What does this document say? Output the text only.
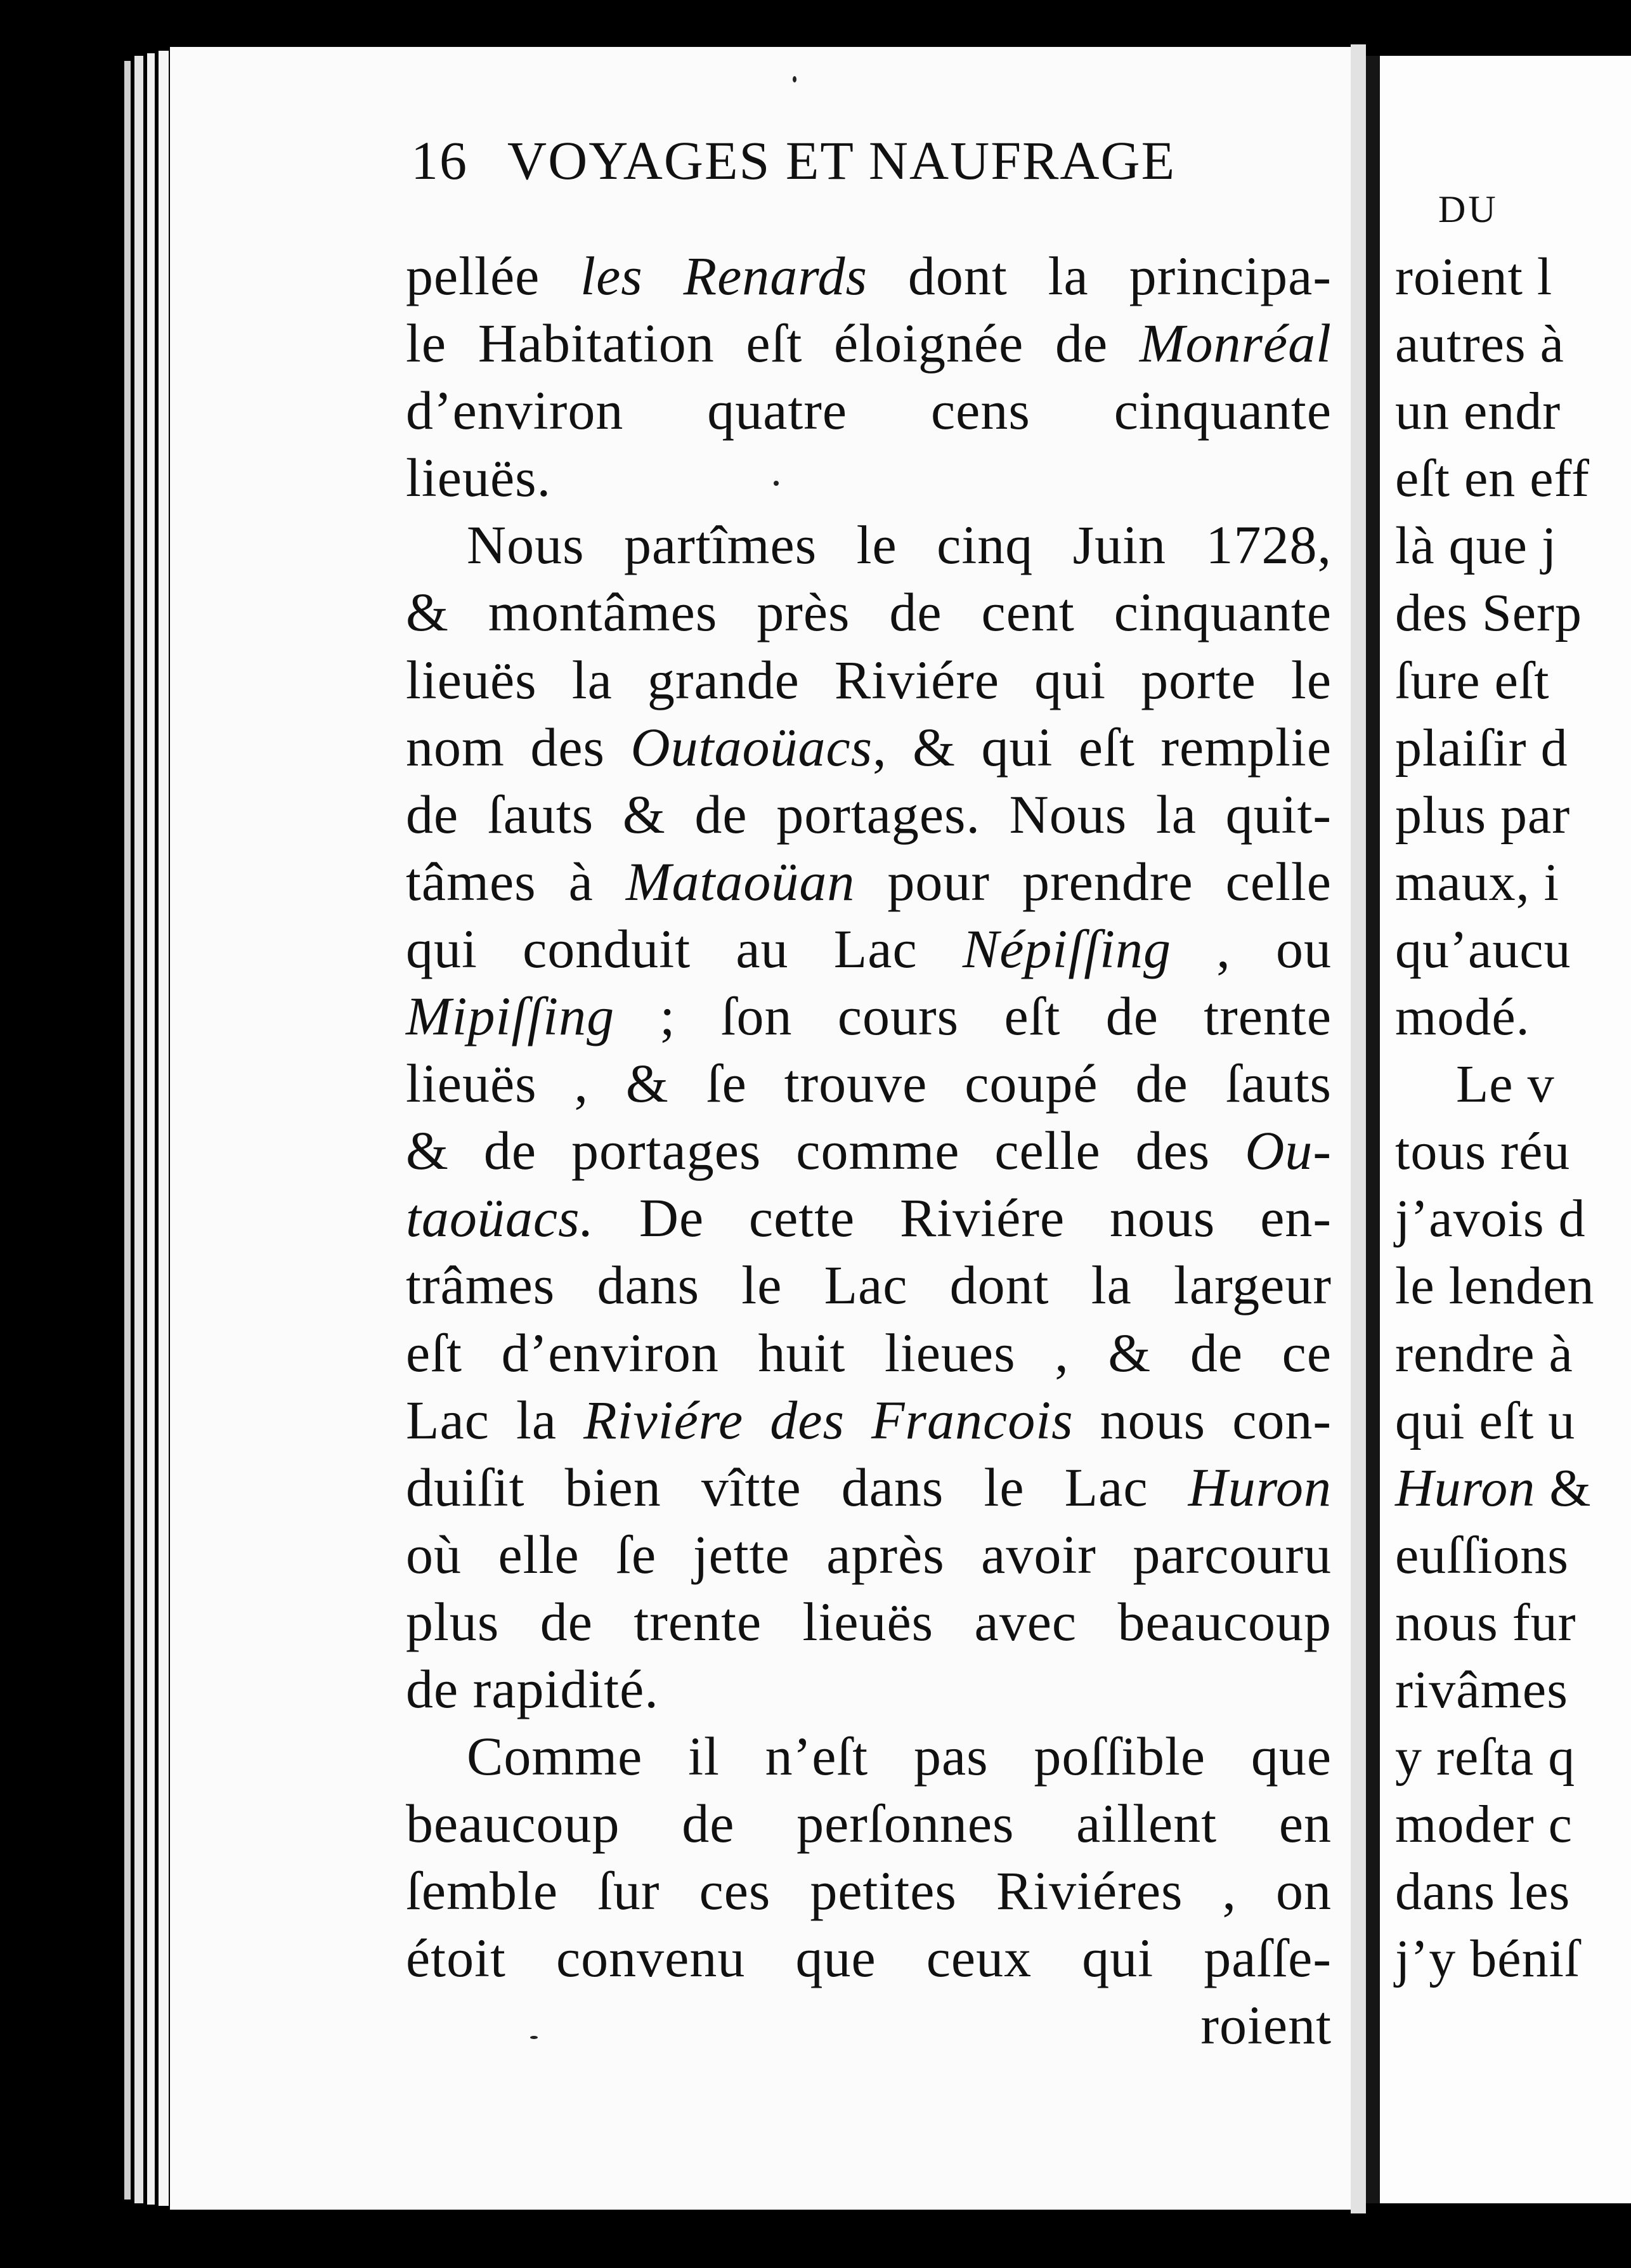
16 VOYAGES ET NAUFRAGE
DU
pellée les Renards dont la principa-
le Habitation eſt éloignée de Monréal
d’environ quatre cens cinquante
lieuës.
Nous partîmes le cinq Juin 1728,
& montâmes près de cent cinquante
lieuës la grande Riviére qui porte le
nom des Outaoüacs, & qui eſt remplie
de ſauts & de portages. Nous la quit-
tâmes à Mataoüan pour prendre celle
qui conduit au Lac Népiſſing , ou
Mipiſſing ; ſon cours eſt de trente
lieuës , & ſe trouve coupé de ſauts
& de portages comme celle des Ou-
taoüacs. De cette Riviére nous en-
trâmes dans le Lac dont la largeur
eſt d’environ huit lieues , & de ce
Lac la Riviére des Francois nous con-
duiſit bien vîtte dans le Lac Huron
où elle ſe jette après avoir parcouru
plus de trente lieuës avec beaucoup
de rapidité.
Comme il n’eſt pas poſſible que
beaucoup de perſonnes aillent en
ſemble ſur ces petites Riviéres , on
étoit convenu que ceux qui paſſe-
roient
roient l
autres à
un endr
eſt en eff
là que j
des Serp
ſure eſt
plaiſir d
plus par
maux, i
qu’aucu
modé.
Le v
tous réu
j’avois d
le lenden
rendre à
qui eſt u
Huron &
euſſions
nous fur
rivâmes
y reſta q
moder c
dans les
j’y béniſ
